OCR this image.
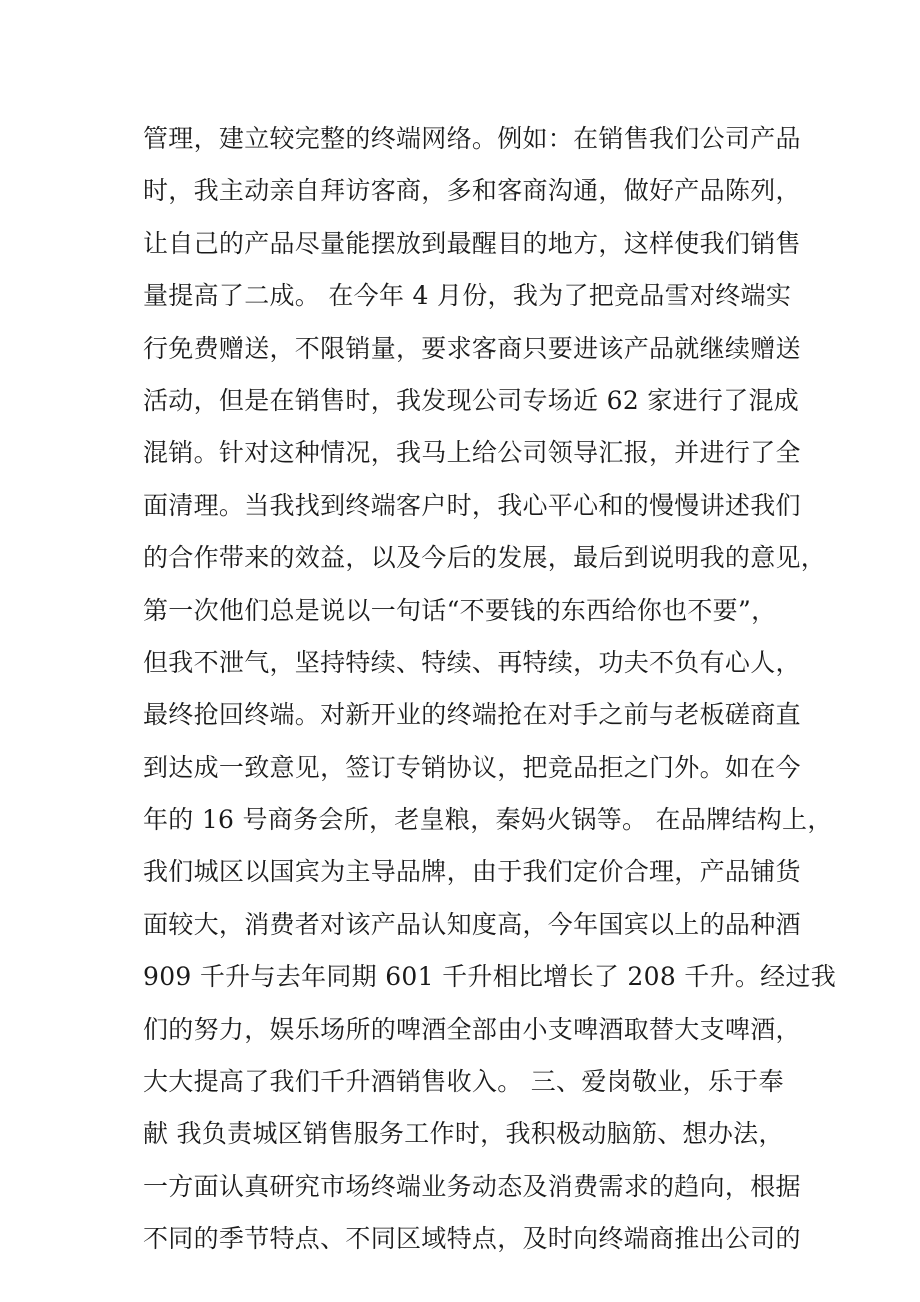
管理，建立较完整的终端网络。例如：在销售我们公司产品
时，我主动亲自拜访客商，多和客商沟通，做好产品陈列，
让自己的产品尽量能摆放到最醒目的地方，这样使我们销售
量提高了二成。 在今年 4 月份，我为了把竞品雪对终端实
行免费赠送，不限销量，要求客商只要进该产品就继续赠送
活动，但是在销售时，我发现公司专场近 62 家进行了混成
混销。针对这种情况，我马上给公司领导汇报，并进行了全
面清理。当我找到终端客户时，我心平心和的慢慢讲述我们
的合作带来的效益，以及今后的发展，最后到说明我的意见，
第一次他们总是说以一句话“不要钱的东西给你也不要”，
但我不泄气，坚持特续、特续、再特续，功夫不负有心人，
最终抢回终端。对新开业的终端抢在对手之前与老板磋商直
到达成一致意见，签订专销协议，把竞品拒之门外。如在今
年的 16 号商务会所，老皇粮，秦妈火锅等。 在品牌结构上，
我们城区以国宾为主导品牌，由于我们定价合理，产品铺货
面较大，消费者对该产品认知度高，今年国宾以上的品种酒
909 千升与去年同期 601 千升相比增长了 208 千升。经过我
们的努力，娱乐场所的啤酒全部由小支啤酒取替大支啤酒，
大大提高了我们千升酒销售收入。 三、爱岗敬业，乐于奉
献 我负责城区销售服务工作时，我积极动脑筋、想办法，
一方面认真研究市场终端业务动态及消费需求的趋向，根据
不同的季节特点、不同区域特点，及时向终端商推出公司的
